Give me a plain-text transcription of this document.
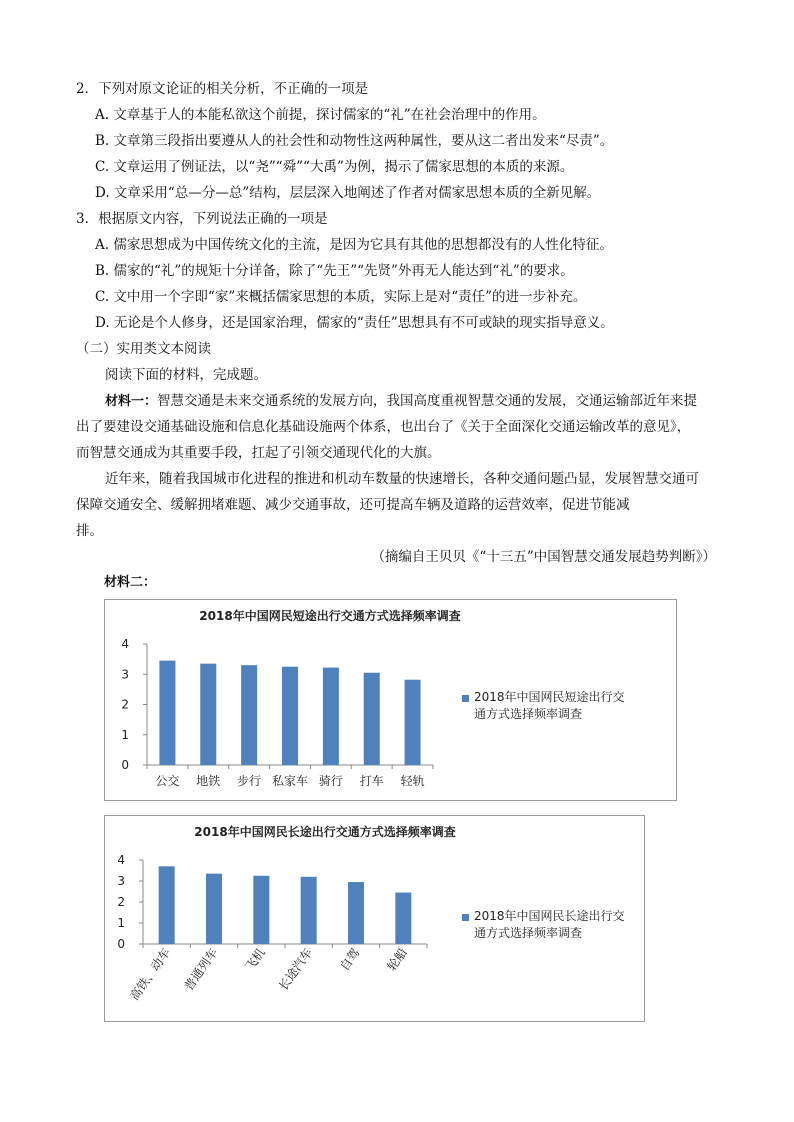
2．下列对原文论证的相关分析，不正确的一项是
A. 文章基于人的本能私欲这个前提，探讨儒家的“礼”在社会治理中的作用。
B. 文章第三段指出要遵从人的社会性和动物性这两种属性，要从这二者出发来“尽责”。
C. 文章运用了例证法，以“尧”“舜”“大禹”为例，揭示了儒家思想的本质的来源。
D. 文章采用“总—分—总”结构，层层深入地阐述了作者对儒家思想本质的全新见解。
3．根据原文内容，下列说法正确的一项是
A. 儒家思想成为中国传统文化的主流，是因为它具有其他的思想都没有的人性化特征。
B. 儒家的“礼”的规矩十分详备，除了“先王”“先贤”外再无人能达到“礼”的要求。
C. 文中用一个字即“家”来概括儒家思想的本质，实际上是对“责任”的进一步补充。
D. 无论是个人修身，还是国家治理，儒家的“责任”思想具有不可或缺的现实指导意义。
（二）实用类文本阅读
阅读下面的材料，完成题。
材料一：智慧交通是未来交通系统的发展方向，我国高度重视智慧交通的发展，交通运输部近年来提
出了要建设交通基础设施和信息化基础设施两个体系，也出台了《关于全面深化交通运输改革的意见》，
而智慧交通成为其重要手段，扛起了引领交通现代化的大旗。
近年来，随着我国城市化进程的推进和机动车数量的快速增长，各种交通问题凸显，发展智慧交通可
保障交通安全、缓解拥堵难题、减少交通事故，还可提高车辆及道路的运营效率，促进节能减
排。
（摘编自王贝贝《“十三五”中国智慧交通发展趋势判断》）
材料二：
2018年中国网民短途出行交通方式选择频率调查
0
1
2
3
4
公交 地铁 步行 私家车 骑行 打车 轻轨
2018年中国网民短途出行交
通方式选择频率调查
2018年中国网民长途出行交通方式选择频率调查
0
1
2
3
4
高铁、动车 普通列车 飞机 长途汽车 自驾 轮船
2018年中国网民长途出行交
通方式选择频率调查
